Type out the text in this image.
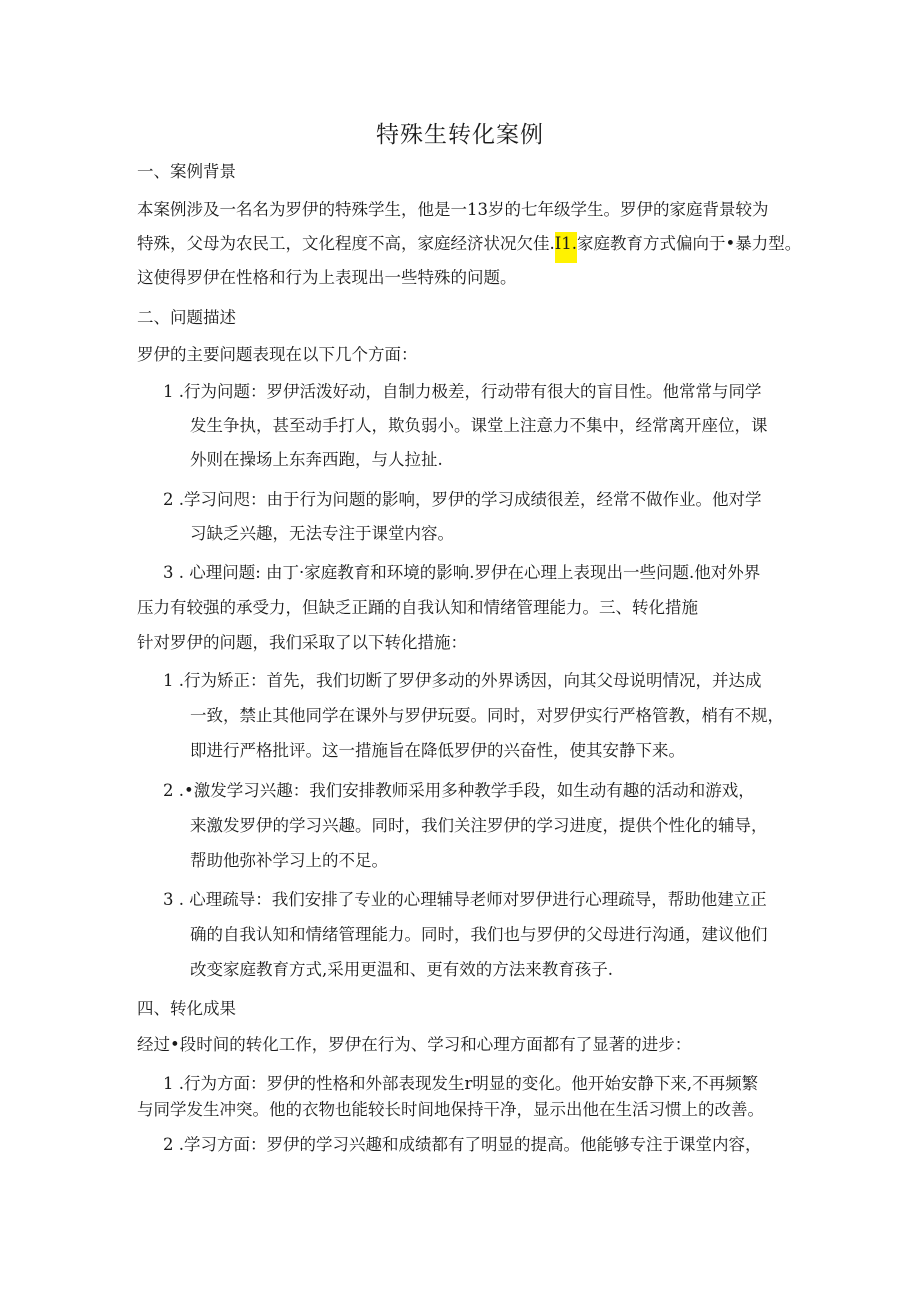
特殊生转化案例
一、案例背景
本案例涉及一名名为罗伊的特殊学生，他是一13岁的七年级学生。罗伊的家庭背景较为
特殊，父母为农民工，文化程度不高，家庭经济状况欠佳.I1.家庭教育方式偏向于•暴力型。
这使得罗伊在性格和行为上表现出一些特殊的问题。
二、问题描述
罗伊的主要问题表现在以下几个方面：
1 .行为问题：罗伊活泼好动，自制力极差，行动带有很大的盲目性。他常常与同学
发生争执，甚至动手打人，欺负弱小。课堂上注意力不集中，经常离开座位，课
外则在操场上东奔西跑，与人拉扯.
2 .学习问咫：由于行为问题的影响，罗伊的学习成绩很差，经常不做作业。他对学
习缺乏兴趣，无法专注于课堂内容。
3 . 心理问题: 由丁·家庭教育和环境的影响.罗伊在心理上表现出一些问题.他对外界
压力有较强的承受力，但缺乏正踊的自我认知和情绪管理能力。三、转化措施
针对罗伊的问题，我们采取了以下转化措施：
1 .行为矫正：首先，我们切断了罗伊多动的外界诱因，向其父母说明情况，并达成
一致，禁止其他同学在课外与罗伊玩耍。同时，对罗伊实行严格管教，梢有不规，
即进行严格批评。这一措施旨在降低罗伊的兴奋性，使其安静下来。
2 .•激发学习兴趣：我们安排教师采用多种教学手段，如生动有趣的活动和游戏，
来激发罗伊的学习兴趣。同时，我们关注罗伊的学习进度，提供个性化的辅导，
帮助他弥补学习上的不足。
3 . 心理疏导：我们安排了专业的心理辅导老师对罗伊进行心理疏导，帮助他建立正
确的自我认知和情绪管理能力。同时，我们也与罗伊的父母进行沟通，建议他们
改变家庭教育方式,采用更温和、更有效的方法来教育孩子.
四、转化成果
经过•段时间的转化工作，罗伊在行为、学习和心理方面都有了显著的进步：
1 .行为方面：罗伊的性格和外部表现发生r明显的变化。他开始安静下来,不再频繁
与同学发生冲突。他的衣物也能较长时间地保持干净，显示出他在生活习惯上的改善。
2 .学习方面：罗伊的学习兴趣和成绩都有了明显的提高。他能够专注于课堂内容，
